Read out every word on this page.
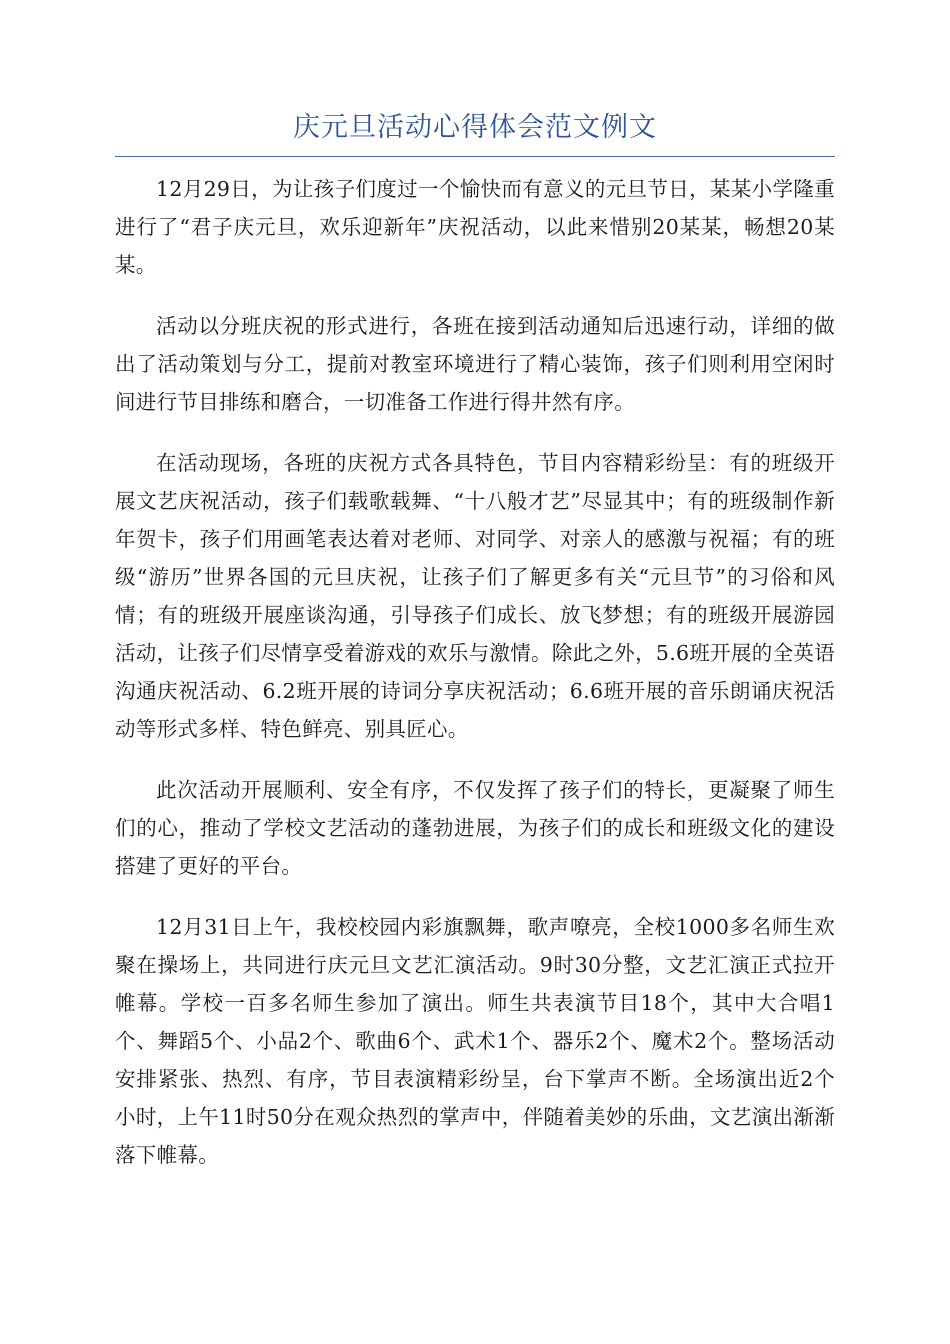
庆元旦活动心得体会范文例文

12月29日，为让孩子们度过一个愉快而有意义的元旦节日，某某小学隆重进行了“君子庆元旦，欢乐迎新年”庆祝活动，以此来惜别20某某，畅想20某某。

活动以分班庆祝的形式进行，各班在接到活动通知后迅速行动，详细的做出了活动策划与分工，提前对教室环境进行了精心装饰，孩子们则利用空闲时间进行节目排练和磨合，一切准备工作进行得井然有序。

在活动现场，各班的庆祝方式各具特色，节目内容精彩纷呈：有的班级开展文艺庆祝活动，孩子们载歌载舞、“十八般才艺”尽显其中；有的班级制作新年贺卡，孩子们用画笔表达着对老师、对同学、对亲人的感激与祝福；有的班级“游历”世界各国的元旦庆祝，让孩子们了解更多有关“元旦节”的习俗和风情；有的班级开展座谈沟通，引导孩子们成长、放飞梦想；有的班级开展游园活动，让孩子们尽情享受着游戏的欢乐与激情。除此之外，5.6班开展的全英语沟通庆祝活动、6.2班开展的诗词分享庆祝活动；6.6班开展的音乐朗诵庆祝活动等形式多样、特色鲜亮、别具匠心。

此次活动开展顺利、安全有序，不仅发挥了孩子们的特长，更凝聚了师生们的心，推动了学校文艺活动的蓬勃进展，为孩子们的成长和班级文化的建设搭建了更好的平台。

12月31日上午，我校校园内彩旗飘舞，歌声嘹亮，全校1000多名师生欢聚在操场上，共同进行庆元旦文艺汇演活动。9时30分整，文艺汇演正式拉开帷幕。学校一百多名师生参加了演出。师生共表演节目18个，其中大合唱1个、舞蹈5个、小品2个、歌曲6个、武术1个、器乐2个、魔术2个。整场活动安排紧张、热烈、有序，节目表演精彩纷呈，台下掌声不断。全场演出近2个小时，上午11时50分在观众热烈的掌声中，伴随着美妙的乐曲，文艺演出渐渐落下帷幕。
